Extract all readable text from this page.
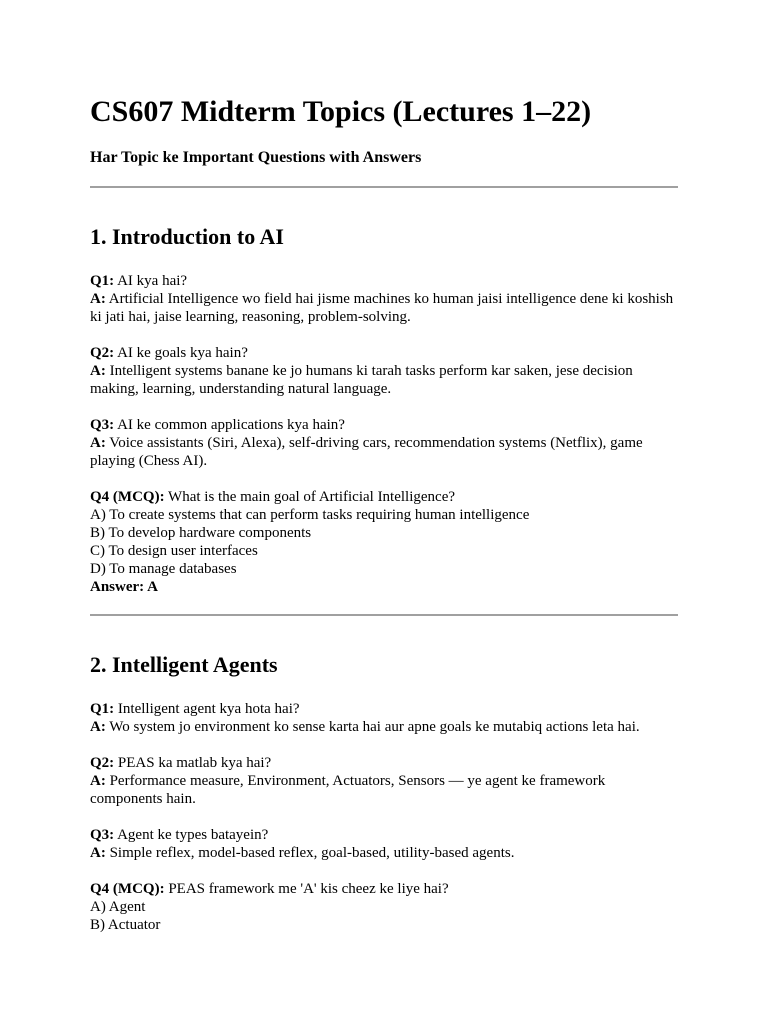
CS607 Midterm Topics (Lectures 1–22)

Har Topic ke Important Questions with Answers

1. Introduction to AI

Q1: AI kya hai?

A: Artificial Intelligence wo field hai jisme machines ko human jaisi intelligence dene ki koshish ki jati hai, jaise learning, reasoning, problem-solving.

Q2: AI ke goals kya hain?

A: Intelligent systems banane ke jo humans ki tarah tasks perform kar saken, jese decision making, learning, understanding natural language.

Q3: AI ke common applications kya hain?

A: Voice assistants (Siri, Alexa), self-driving cars, recommendation systems (Netflix), game playing (Chess AI).

Q4 (MCQ): What is the main goal of Artificial Intelligence?

A) To create systems that can perform tasks requiring human intelligence

B) To develop hardware components

C) To design user interfaces

D) To manage databases

Answer: A

2. Intelligent Agents

Q1: Intelligent agent kya hota hai?

A: Wo system jo environment ko sense karta hai aur apne goals ke mutabiq actions leta hai.

Q2: PEAS ka matlab kya hai?

A: Performance measure, Environment, Actuators, Sensors — ye agent ke framework components hain.

Q3: Agent ke types batayein?

A: Simple reflex, model-based reflex, goal-based, utility-based agents.

Q4 (MCQ): PEAS framework me 'A' kis cheez ke liye hai?

A) Agent

B) Actuator
